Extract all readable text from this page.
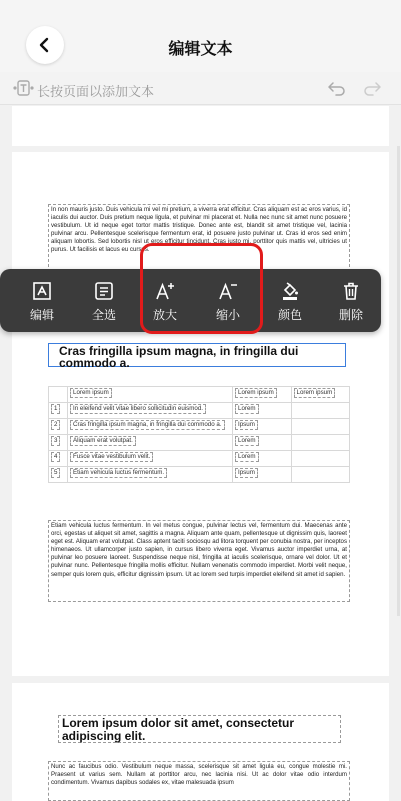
编辑文本
长按页面以添加文本
In non mauris justo. Duis vehicula mi vel mi pretium, a viverra erat efficitur. Cras aliquam est ac eros varius, id iaculis dui auctor. Duis pretium neque ligula, et pulvinar mi placerat et. Nulla nec nunc sit amet nunc posuere vestibulum. Ut id neque eget tortor mattis tristique. Donec ante est, blandit sit amet tristique vel, lacinia pulvinar arcu. Pellentesque scelerisque fermentum erat, id posuere justo pulvinar ut. Cras id eros sed enim aliquam lobortis. Sed lobortis nisl ut eros efficitur tincidunt. Cras justo mi, porttitor quis mattis vel, ultricies ut purus. Ut facilisis et lacus eu cursus.
Cras fringilla ipsum magna, in fringilla dui commodo a.
	Lorem ipsum	Lorem ipsum	Lorem ipsum
1	In eleifend velit vitae libero sollicitudin euismod.	Lorem	
2	Cras fringilla ipsum magna, in fringilla dui commodo a.	Ipsum	
3	Aliquam erat volutpat.	Lorem	
4	Fusce vitae vestibulum velit.	Lorem	
5	Etiam vehicula luctus fermentum.	Ipsum	
Etiam vehicula luctus fermentum. In vel metus congue, pulvinar lectus vel, fermentum dui. Maecenas ante orci, egestas ut aliquet sit amet, sagittis a magna. Aliquam ante quam, pellentesque ut dignissim quis, laoreet eget est. Aliquam erat volutpat. Class aptent taciti sociosqu ad litora torquent per conubia nostra, per inceptos himenaeos. Ut ullamcorper justo sapien, in cursus libero viverra eget. Vivamus auctor imperdiet urna, at pulvinar leo posuere laoreet. Suspendisse neque nisl, fringilla at iaculis scelerisque, ornare vel dolor. Ut et pulvinar nunc. Pellentesque fringilla mollis efficitur. Nullam venenatis commodo imperdiet. Morbi velit neque, semper quis lorem quis, efficitur dignissim ipsum. Ut ac lorem sed turpis imperdiet eleifend sit amet id sapien.
Lorem ipsum dolor sit amet, consectetur adipiscing elit.
Nunc ac faucibus odio. Vestibulum neque massa, scelerisque sit amet ligula eu, congue molestie mi. Praesent ut varius sem. Nullam at porttitor arcu, nec lacinia nisi. Ut ac dolor vitae odio interdum condimentum. Vivamus dapibus sodales ex, vitae malesuada ipsum
编辑	全选	放大	缩小	颜色	删除
